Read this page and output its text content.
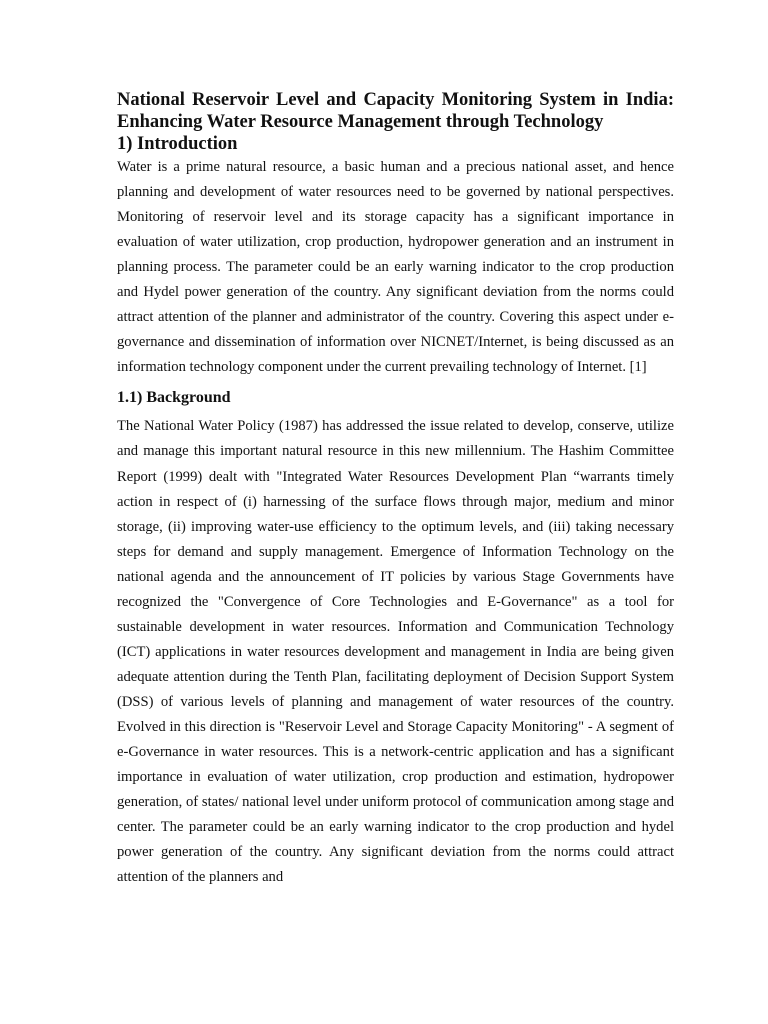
National Reservoir Level and Capacity Monitoring System in India: Enhancing Water Resource Management through Technology
1) Introduction

Water is a prime natural resource, a basic human and a precious national asset, and hence planning and development of water resources need to be governed by national perspectives. Monitoring of reservoir level and its storage capacity has a significant importance in evaluation of water utilization, crop production, hydropower generation and an instrument in planning process. The parameter could be an early warning indicator to the crop production and Hydel power generation of the country. Any significant deviation from the norms could attract attention of the planner and administrator of the country. Covering this aspect under e-governance and dissemination of information over NICNET/Internet, is being discussed as an information technology component under the current prevailing technology of Internet. [1]

1.1) Background

The National Water Policy (1987) has addressed the issue related to develop, conserve, utilize and manage this important natural resource in this new millennium. The Hashim Committee Report (1999) dealt with "Integrated Water Resources Development Plan “warrants timely action in respect of (i) harnessing of the surface flows through major, medium and minor storage, (ii) improving water-use efficiency to the optimum levels, and (iii) taking necessary steps for demand and supply management. Emergence of Information Technology on the national agenda and the announcement of IT policies by various Stage Governments have recognized the "Convergence of Core Technologies and E-Governance" as a tool for sustainable development in water resources. Information and Communication Technology (ICT) applications in water resources development and management in India are being given adequate attention during the Tenth Plan, facilitating deployment of Decision Support System (DSS) of various levels of planning and management of water resources of the country. Evolved in this direction is "Reservoir Level and Storage Capacity Monitoring" - A segment of e-Governance in water resources. This is a network-centric application and has a significant importance in evaluation of water utilization, crop production and estimation, hydropower generation, of states/ national level under uniform protocol of communication among stage and center. The parameter could be an early warning indicator to the crop production and hydel power generation of the country. Any significant deviation from the norms could attract attention of the planners and
